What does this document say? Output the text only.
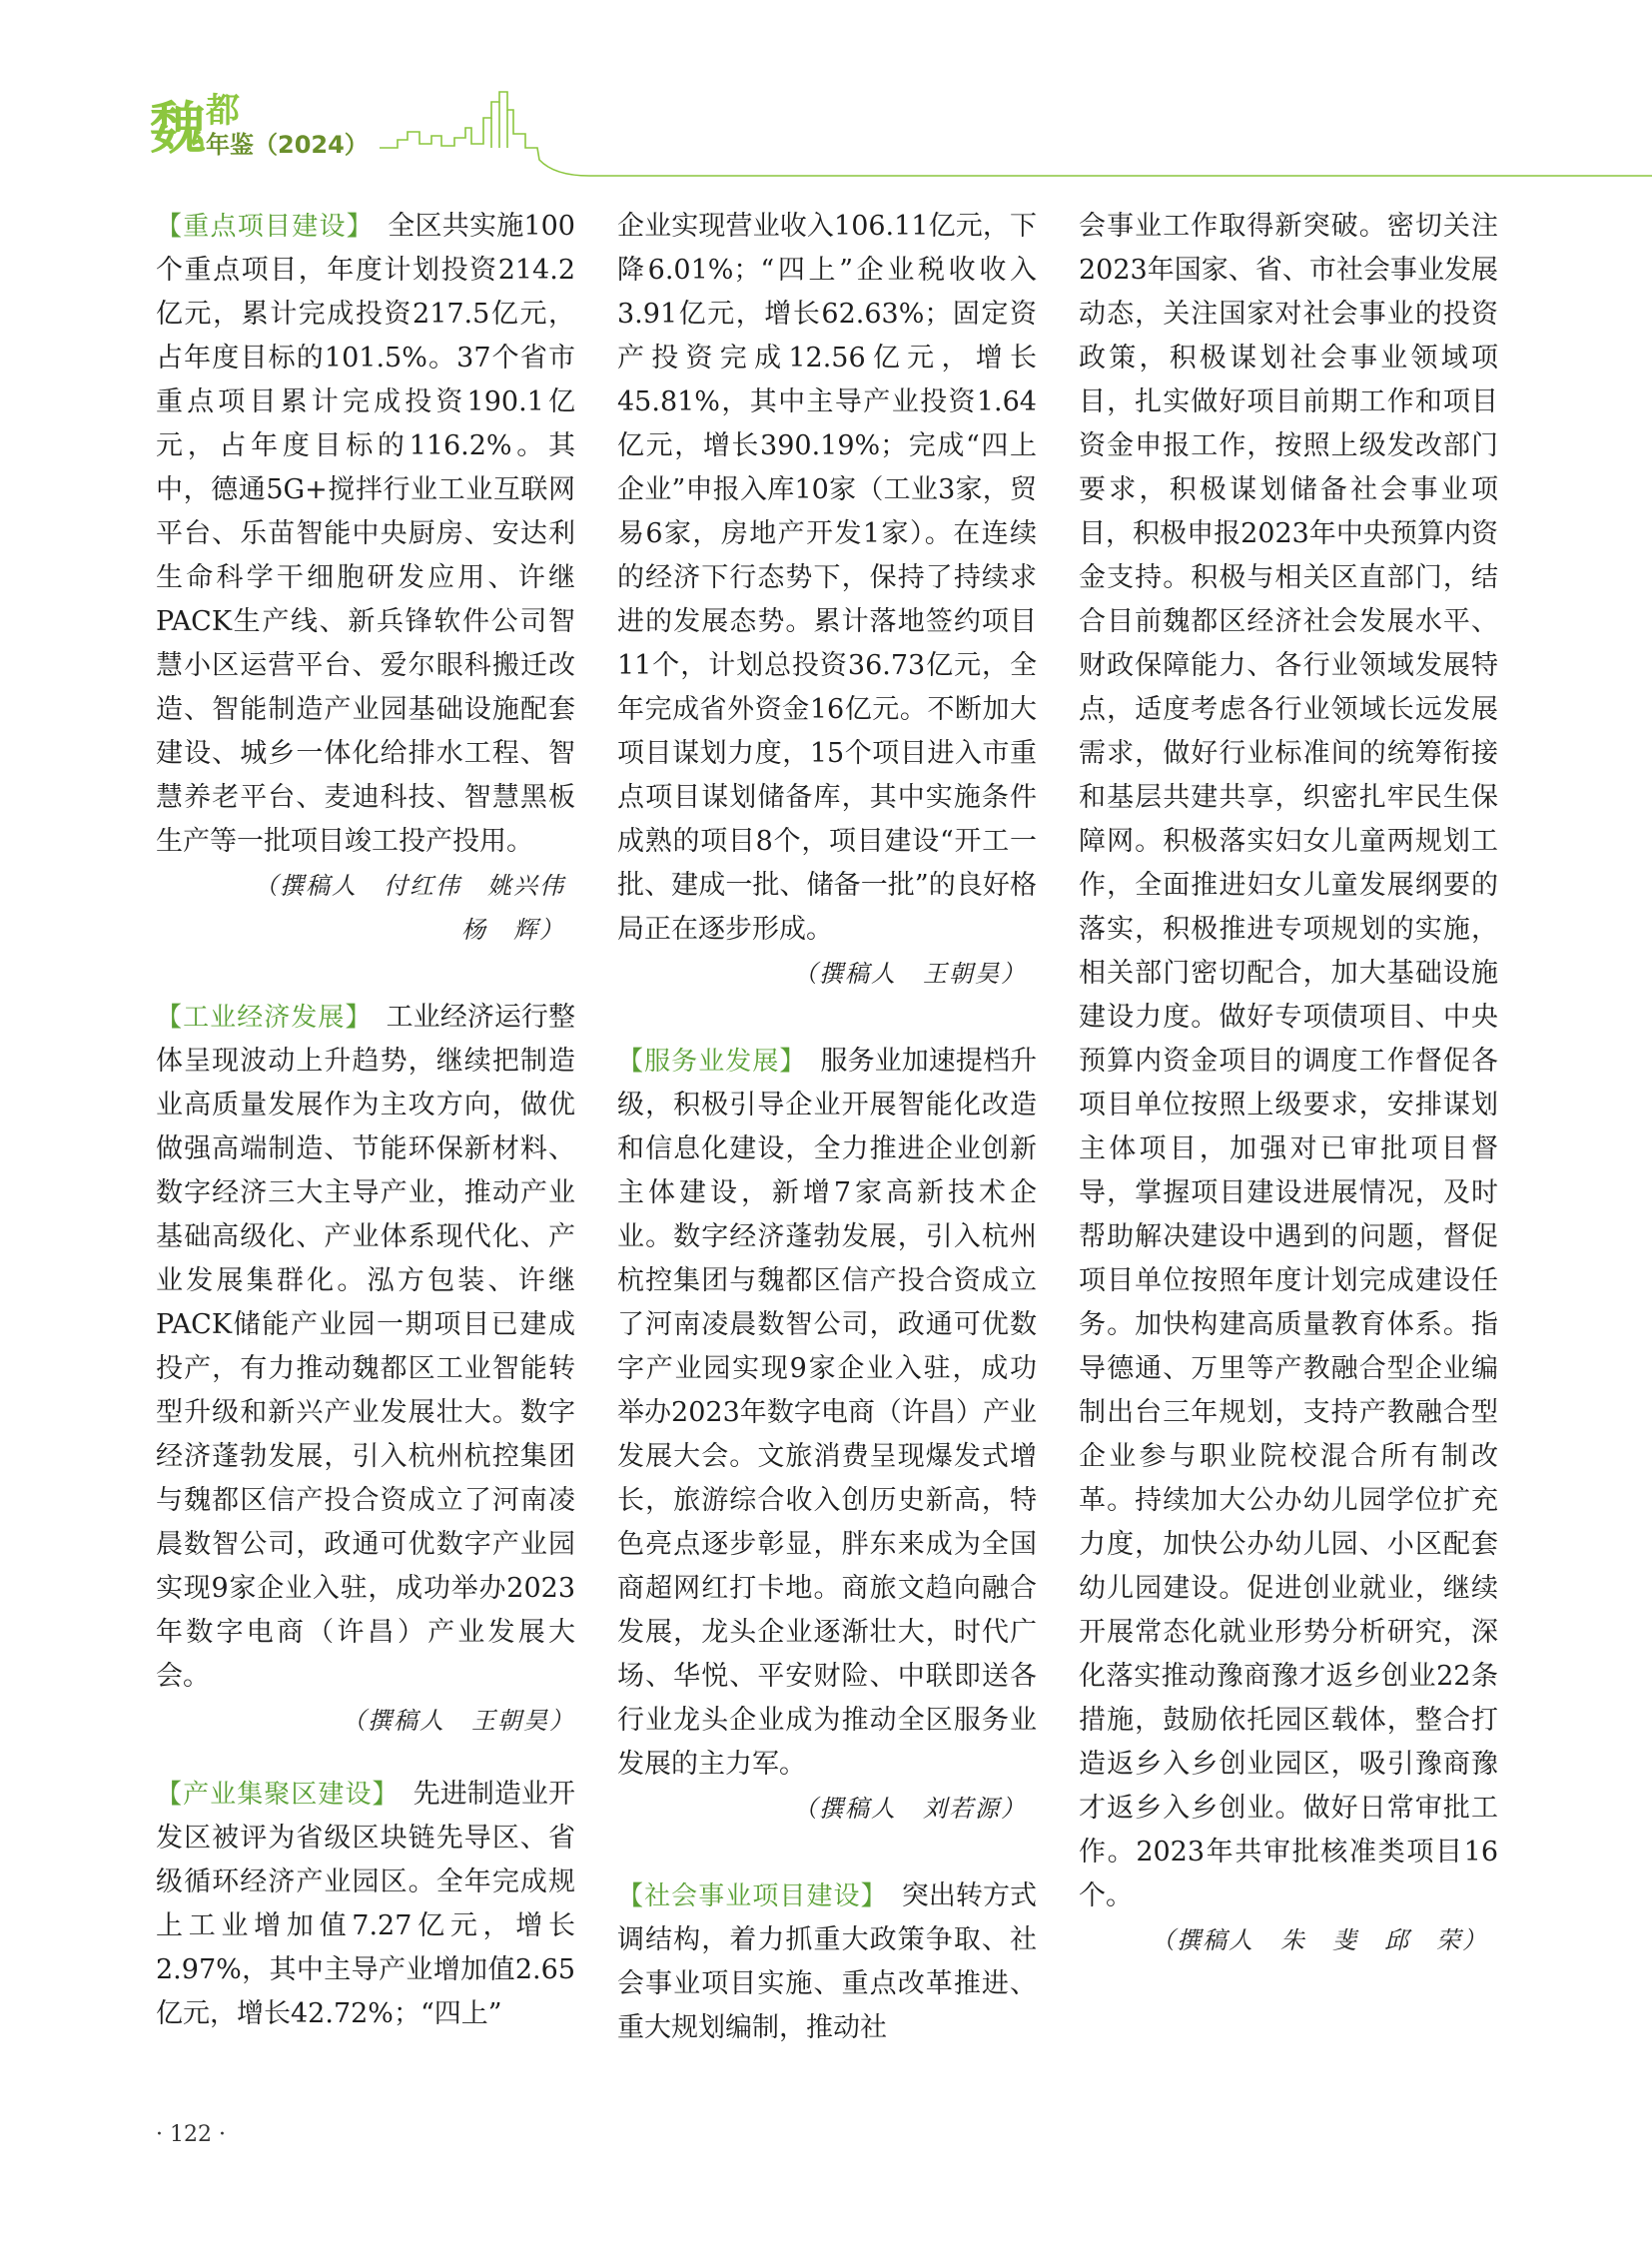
魏 都
年鉴（2024）

【重点项目建设】　 全区共实施100个重点项目，年度计划投资214.2亿元，累计完成投资217.5亿元，占年度目标的101.5%。37个省市重点项目累计完成投资190.1亿元，占年度目标的116.2%。其中，德通5G+搅拌行业工业互联网平台、乐苗智能中央厨房、安达利生命科学干细胞研发应用、许继PACK生产线、新兵锋软件公司智慧小区运营平台、爱尔眼科搬迁改造、智能制造产业园基础设施配套建设、城乡一体化给排水工程、智慧养老平台、麦迪科技、智慧黑板生产等一批项目竣工投产投用。

（撰稿人　付红伟　姚兴伟

杨　辉）

【工业经济发展】　 工业经济运行整体呈现波动上升趋势，继续把制造业高质量发展作为主攻方向，做优做强高端制造、节能环保新材料、数字经济三大主导产业，推动产业基础高级化、产业体系现代化、产业发展集群化。泓方包装、许继PACK储能产业园一期项目已建成投产，有力推动魏都区工业智能转型升级和新兴产业发展壮大。数字经济蓬勃发展，引入杭州杭控集团与魏都区信产投合资成立了河南凌晨数智公司，政通可优数字产业园实现9家企业入驻，成功举办2023年数字电商（许昌）产业发展大会。

（撰稿人　王朝昊）

【产业集聚区建设】　 先进制造业开发区被评为省级区块链先导区、省级循环经济产业园区。全年完成规上工业增加值7.27亿元，增长2.97%，其中主导产业增加值2.65亿元，增长42.72%；“四上”

企业实现营业收入106.11亿元，下降6.01%；“四上”企业税收收入3.91亿元，增长62.63%；固定资产投资完成12.56亿元，增长45.81%，其中主导产业投资1.64亿元，增长390.19%；完成“四上企业”申报入库10家（工业3家，贸易6家，房地产开发1家）。在连续的经济下行态势下，保持了持续求进的发展态势。累计落地签约项目11个，计划总投资36.73亿元，全年完成省外资金16亿元。不断加大项目谋划力度，15个项目进入市重点项目谋划储备库，其中实施条件成熟的项目8个，项目建设“开工一批、建成一批、储备一批”的良好格局正在逐步形成。

（撰稿人　王朝昊）

【服务业发展】　 服务业加速提档升级，积极引导企业开展智能化改造和信息化建设，全力推进企业创新主体建设，新增7家高新技术企业。数字经济蓬勃发展，引入杭州杭控集团与魏都区信产投合资成立了河南凌晨数智公司，政通可优数字产业园实现9家企业入驻，成功举办2023年数字电商（许昌）产业发展大会。文旅消费呈现爆发式增长，旅游综合收入创历史新高，特色亮点逐步彰显，胖东来成为全国商超网红打卡地。商旅文趋向融合发展，龙头企业逐渐壮大，时代广场、华悦、平安财险、中联即送各行业龙头企业成为推动全区服务业发展的主力军。

（撰稿人　刘若源）

【社会事业项目建设】　 突出转方式调结构，着力抓重大政策争取、社会事业项目实施、重点改革推进、重大规划编制，推动社

会事业工作取得新突破。密切关注2023年国家、省、市社会事业发展动态，关注国家对社会事业的投资政策，积极谋划社会事业领域项目，扎实做好项目前期工作和项目资金申报工作，按照上级发改部门要求，积极谋划储备社会事业项目，积极申报2023年中央预算内资金支持。积极与相关区直部门，结合目前魏都区经济社会发展水平、财政保障能力、各行业领域发展特点，适度考虑各行业领域长远发展需求，做好行业标准间的统筹衔接和基层共建共享，织密扎牢民生保障网。积极落实妇女儿童两规划工作，全面推进妇女儿童发展纲要的落实，积极推进专项规划的实施，相关部门密切配合，加大基础设施建设力度。做好专项债项目、中央预算内资金项目的调度工作督促各项目单位按照上级要求，安排谋划主体项目，加强对已审批项目督导，掌握项目建设进展情况，及时帮助解决建设中遇到的问题，督促项目单位按照年度计划完成建设任务。加快构建高质量教育体系。指导德通、万里等产教融合型企业编制出台三年规划，支持产教融合型企业参与职业院校混合所有制改革。持续加大公办幼儿园学位扩充力度，加快公办幼儿园、小区配套幼儿园建设。促进创业就业，继续开展常态化就业形势分析研究，深化落实推动豫商豫才返乡创业22条措施，鼓励依托园区载体，整合打造返乡入乡创业园区，吸引豫商豫才返乡入乡创业。做好日常审批工作。2023年共审批核准类项目16个。

（撰稿人　朱　斐　邱　荣）

· 122 ·
